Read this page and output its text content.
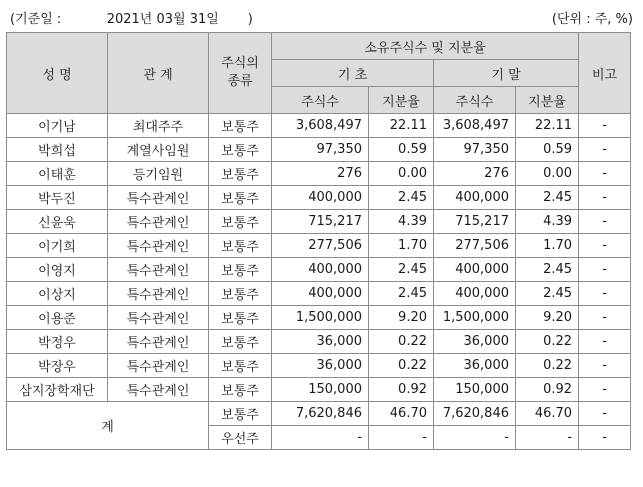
(기준일 :           2021년 03월 31일       )	(단위 : 주, %)
성 명	관 계	주식의 종류	소유주식수 및 지분율				비고
			기 초		기 말		
			주식수	지분율	주식수	지분율	
이기남	최대주주	보통주	3,608,497	22.11	3,608,497	22.11	-
박희섭	계열사임원	보통주	97,350	0.59	97,350	0.59	-
이태훈	등기임원	보통주	276	0.00	276	0.00	-
박두진	특수관계인	보통주	400,000	2.45	400,000	2.45	-
신윤욱	특수관계인	보통주	715,217	4.39	715,217	4.39	-
이기희	특수관계인	보통주	277,506	1.70	277,506	1.70	-
이영지	특수관계인	보통주	400,000	2.45	400,000	2.45	-
이상지	특수관계인	보통주	400,000	2.45	400,000	2.45	-
이용준	특수관계인	보통주	1,500,000	9.20	1,500,000	9.20	-
박정우	특수관계인	보통주	36,000	0.22	36,000	0.22	-
박장우	특수관계인	보통주	36,000	0.22	36,000	0.22	-
삼지장학재단	특수관계인	보통주	150,000	0.92	150,000	0.92	-
계		보통주	7,620,846	46.70	7,620,846	46.70	-
		우선주	-	-	-	-	-
